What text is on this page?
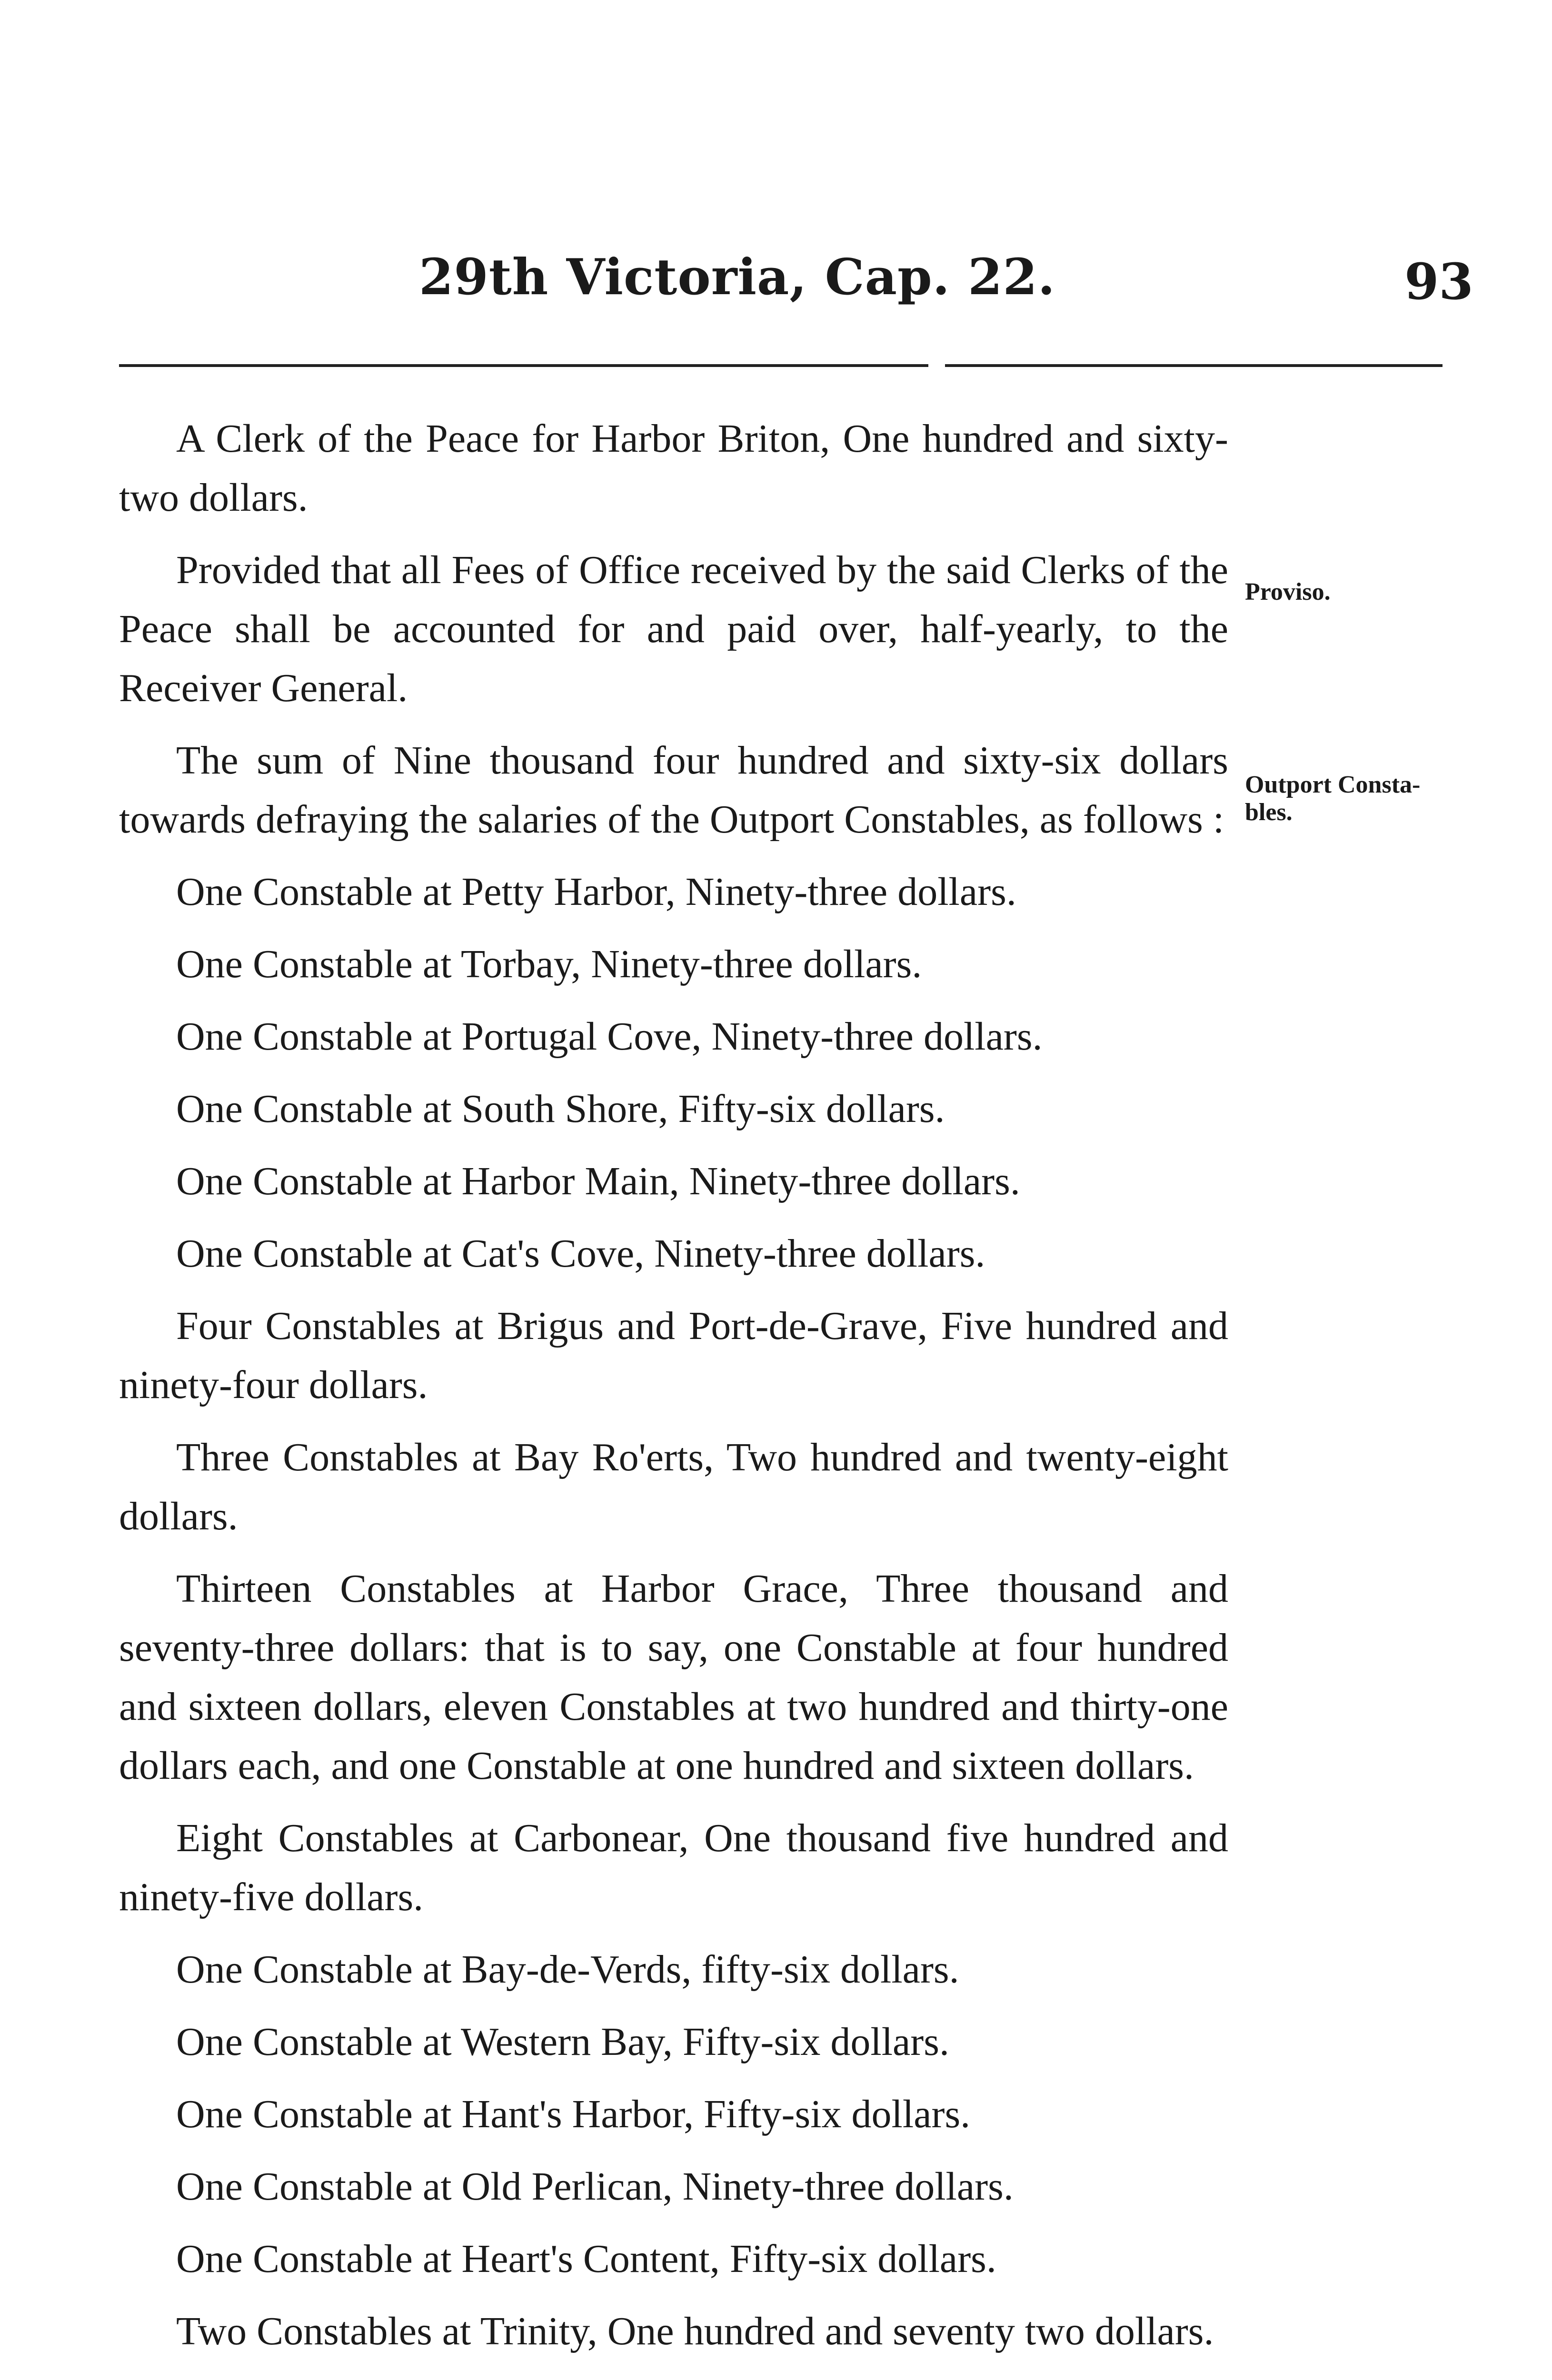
29th Victoria, Cap. 22.	93
Proviso.
Outport Consta-
bles.

A Clerk of the Peace for Harbor Briton, One hundred and sixty-two dollars.

Provided that all Fees of Office received by the said Clerks of the Peace shall be accounted for and paid over, half-yearly, to the Receiver General.

The sum of Nine thousand four hundred and sixty-six dollars towards defraying the salaries of the Outport Constables, as follows :

One Constable at Petty Harbor, Ninety-three dollars.

One Constable at Torbay, Ninety-three dollars.

One Constable at Portugal Cove, Ninety-three dollars.

One Constable at South Shore, Fifty-six dollars.

One Constable at Harbor Main, Ninety-three dollars.

One Constable at Cat's Cove, Ninety-three dollars.

Four Constables at Brigus and Port-de-Grave, Five hundred and ninety-four dollars.

Three Constables at Bay Ro'erts, Two hundred and twenty-eight dollars.

Thirteen Constables at Harbor Grace, Three thousand and seventy-three dollars: that is to say, one Constable at four hundred and sixteen dollars, eleven Constables at two hundred and thirty-one dollars each, and one Constable at one hundred and sixteen dollars.

Eight Constables at Carbonear, One thousand five hundred and ninety-five dollars.

One Constable at Bay-de-Verds, fifty-six dollars.

One Constable at Western Bay, Fifty-six dollars.

One Constable at Hant's Harbor, Fifty-six dollars.

One Constable at Old Perlican, Ninety-three dollars.

One Constable at Heart's Content, Fifty-six dollars.

Two Constables at Trinity, One hundred and seventy two dollars.
